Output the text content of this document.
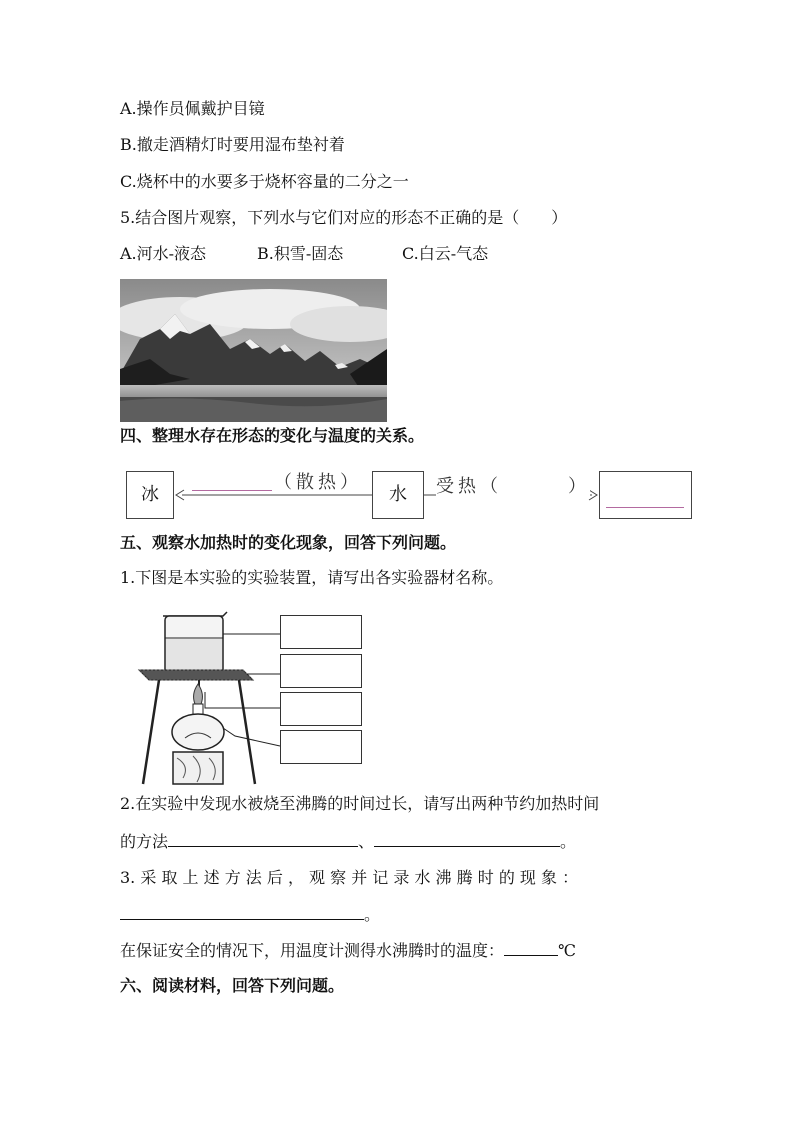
A.操作员佩戴护目镜
B.撤走酒精灯时要用湿布垫衬着
C.烧杯中的水要多于烧杯容量的二分之一
5.结合图片观察，下列水与它们对应的形态不正确的是（　　）
A.河水-液态	B.积雪-固态	C.白云-气态
四、整理水存在形态的变化与温度的关系。
冰	水
（散热）	受热（　　　）
五、观察水加热时的变化现象，回答下列问题。
1.下图是本实验的实验装置，请写出各实验器材名称。
2.在实验中发现水被烧至沸腾的时间过长，请写出两种节约加热时间
的方法	、	。
3. 采 取 上 述 方 法 后 ， 观 察 并 记 录 水 沸 腾 时 的 现 象 ：
。
在保证安全的情况下，用温度计测得水沸腾时的温度：	℃
六、阅读材料，回答下列问题。
